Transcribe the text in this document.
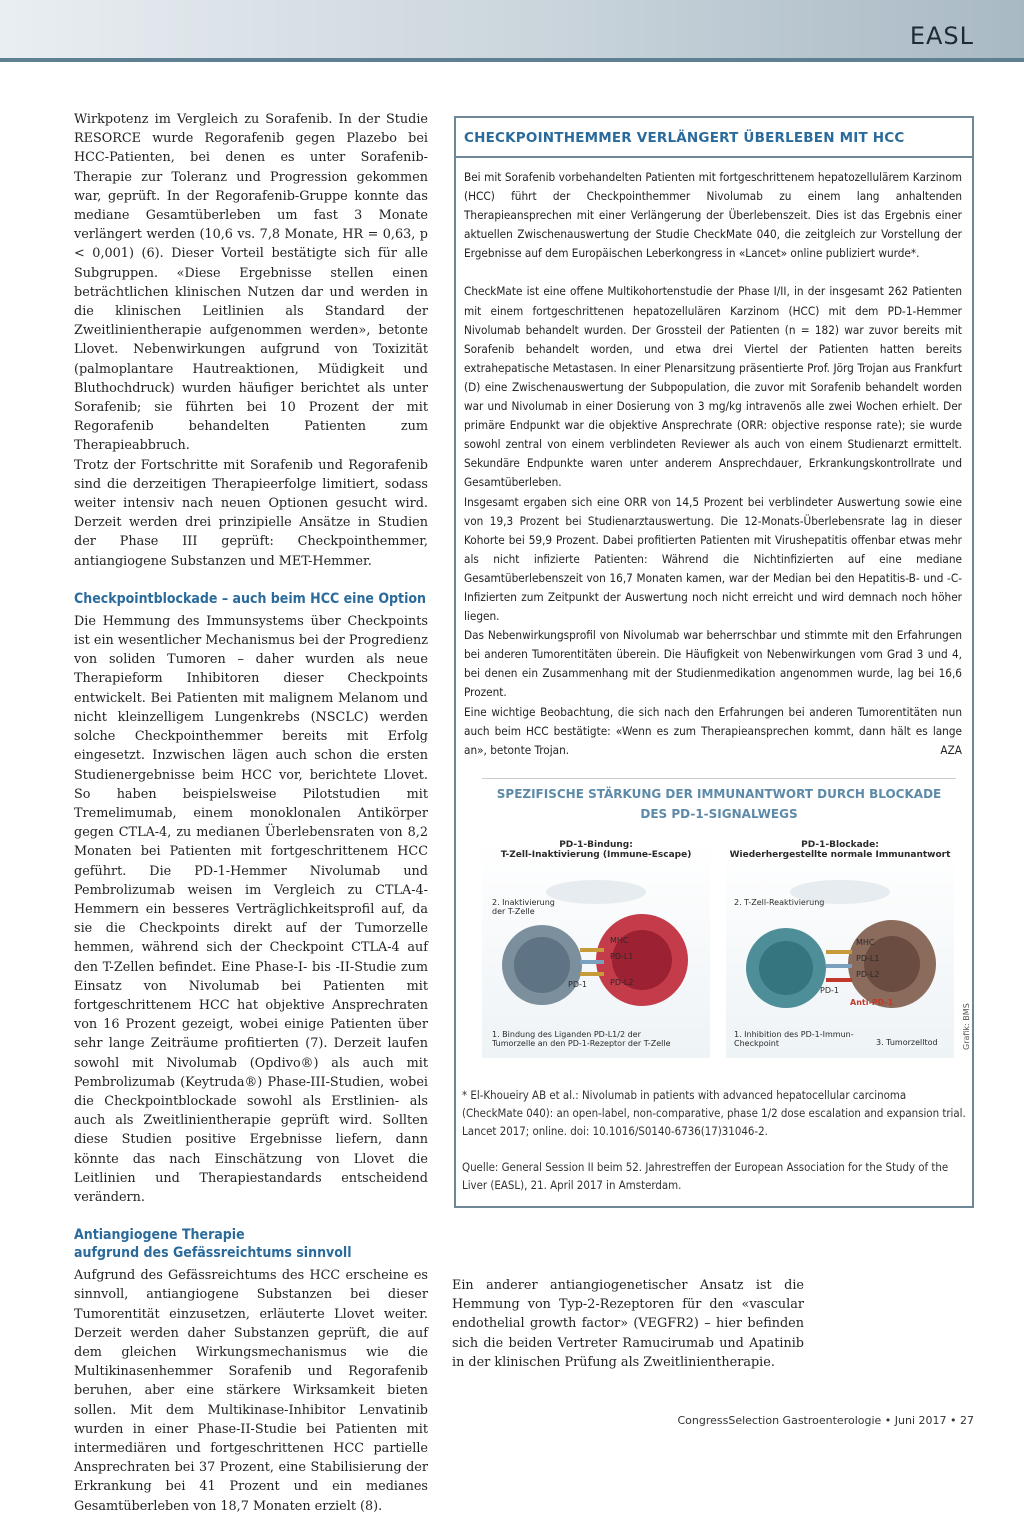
EASL

Wirkpotenz im Vergleich zu Sorafenib. In der Studie RESORCE wurde Regorafenib gegen Plazebo bei HCC-Patienten, bei denen es unter Sorafenib-Therapie zur Toleranz und Progression gekommen war, geprüft. In der Regorafenib-Gruppe konnte das mediane Gesamtüberleben um fast 3 Monate verlängert werden (10,6 vs. 7,8 Monate, HR = 0,63, p < 0,001) (6). Dieser Vorteil bestätigte sich für alle Subgruppen. «Diese Ergebnisse stellen einen beträchtlichen klinischen Nutzen dar und werden in die klinischen Leitlinien als Standard der Zweitlinientherapie aufgenommen werden», betonte Llovet. Nebenwirkungen aufgrund von Toxizität (palmoplantare Hautreaktionen, Müdigkeit und Bluthochdruck) wurden häufiger berichtet als unter Sorafenib; sie führten bei 10 Prozent der mit Regorafenib behandelten Patienten zum Therapieabbruch.

Trotz der Fortschritte mit Sorafenib und Regorafenib sind die derzeitigen Therapieerfolge limitiert, sodass weiter intensiv nach neuen Optionen gesucht wird. Derzeit werden drei prinzipielle Ansätze in Studien der Phase III geprüft: Checkpointhemmer, antiangiogene Substanzen und MET-Hemmer.

Checkpointblockade – auch beim HCC eine Option

Die Hemmung des Immunsystems über Checkpoints ist ein wesentlicher Mechanismus bei der Progredienz von soliden Tumoren – daher wurden als neue Therapieform Inhibitoren dieser Checkpoints entwickelt. Bei Patienten mit malignem Melanom und nicht kleinzelligem Lungenkrebs (NSCLC) werden solche Checkpointhemmer bereits mit Erfolg eingesetzt. Inzwischen lägen auch schon die ersten Studienergebnisse beim HCC vor, berichtete Llovet. So haben beispielsweise Pilotstudien mit Tremelimumab, einem monoklonalen Antikörper gegen CTLA-4, zu medianen Überlebensraten von 8,2 Monaten bei Patienten mit fortgeschrittenem HCC geführt. Die PD-1-Hemmer Nivolumab und Pembrolizumab weisen im Vergleich zu CTLA-4-Hemmern ein besseres Verträglichkeitsprofil auf, da sie die Checkpoints direkt auf der Tumorzelle hemmen, während sich der Checkpoint CTLA-4 auf den T-Zellen befindet. Eine Phase-I- bis -II-Studie zum Einsatz von Nivolumab bei Patienten mit fortgeschrittenem HCC hat objektive Ansprechraten von 16 Prozent gezeigt, wobei einige Patienten über sehr lange Zeiträume profitierten (7). Derzeit laufen sowohl mit Nivolumab (Opdivo®) als auch mit Pembrolizumab (Keytruda®) Phase-III-Studien, wobei die Checkpointblockade sowohl als Erstlinien- als auch als Zweitlinientherapie geprüft wird. Sollten diese Studien positive Ergebnisse liefern, dann könnte das nach Einschätzung von Llovet die Leitlinien und Therapiestandards entscheidend verändern.

Antiangiogene Therapie
aufgrund des Gefässreichtums sinnvoll

Aufgrund des Gefässreichtums des HCC erscheine es sinnvoll, antiangiogene Substanzen bei dieser Tumorentität einzusetzen, erläuterte Llovet weiter. Derzeit werden daher Substanzen geprüft, die auf dem gleichen Wirkungsmechanismus wie die Multikinasenhemmer Sorafenib und Regorafenib beruhen, aber eine stärkere Wirksamkeit bieten sollen. Mit dem Multikinase-Inhibitor Lenvatinib wurden in einer Phase-II-Studie bei Patienten mit intermediären und fortgeschrittenen HCC partielle Ansprechraten bei 37 Prozent, eine Stabilisierung der Erkrankung bei 41 Prozent und ein medianes Gesamtüberleben von 18,7 Monaten erzielt (8).

CHECKPOINTHEMMER VERLÄNGERT ÜBERLEBEN MIT HCC

Bei mit Sorafenib vorbehandelten Patienten mit fortgeschrittenem hepatozellulärem Karzinom (HCC) führt der Checkpointhemmer Nivolumab zu einem lang anhaltenden Therapieansprechen mit einer Verlängerung der Überlebenszeit. Dies ist das Ergebnis einer aktuellen Zwischenauswertung der Studie CheckMate 040, die zeitgleich zur Vorstellung der Ergebnisse auf dem Europäischen Leberkongress in «Lancet» online publiziert wurde*.

CheckMate ist eine offene Multikohortenstudie der Phase I/II, in der insgesamt 262 Patienten mit einem fortgeschrittenen hepatozellulären Karzinom (HCC) mit dem PD-1-Hemmer Nivolumab behandelt wurden. Der Grossteil der Patienten (n = 182) war zuvor bereits mit Sorafenib behandelt worden, und etwa drei Viertel der Patienten hatten bereits extrahepatische Metastasen. In einer Plenarsitzung präsentierte Prof. Jörg Trojan aus Frankfurt (D) eine Zwischenauswertung der Subpopulation, die zuvor mit Sorafenib behandelt worden war und Nivolumab in einer Dosierung von 3 mg/kg intravenös alle zwei Wochen erhielt. Der primäre Endpunkt war die objektive Ansprechrate (ORR: objective response rate); sie wurde sowohl zentral von einem verblindeten Reviewer als auch von einem Studienarzt ermittelt. Sekundäre Endpunkte waren unter anderem Ansprechdauer, Erkrankungskontrollrate und Gesamtüberleben.

Insgesamt ergaben sich eine ORR von 14,5 Prozent bei verblindeter Auswertung sowie eine von 19,3 Prozent bei Studienarztauswertung. Die 12-Monats-Überlebensrate lag in dieser Kohorte bei 59,9 Prozent. Dabei profitierten Patienten mit Virushepatitis offenbar etwas mehr als nicht infizierte Patienten: Während die Nichtinfizierten auf eine mediane Gesamtüberlebenszeit von 16,7 Monaten kamen, war der Median bei den Hepatitis-B- und -C-Infizierten zum Zeitpunkt der Auswertung noch nicht erreicht und wird demnach noch höher liegen.

Das Nebenwirkungsprofil von Nivolumab war beherrschbar und stimmte mit den Erfahrungen bei anderen Tumorentitäten überein. Die Häufigkeit von Nebenwirkungen vom Grad 3 und 4, bei denen ein Zusammenhang mit der Studienmedikation angenommen wurde, lag bei 16,6 Prozent.

Eine wichtige Beobachtung, die sich nach den Erfahrungen bei anderen Tumorentitäten nun auch beim HCC bestätigte: «Wenn es zum Therapieansprechen kommt, dann hält es lange an», betonte Trojan.	AZA

SPEZIFISCHE STÄRKUNG DER IMMUNANTWORT DURCH BLOCKADE
DES PD-1-SIGNALWEGS
PD-1-Bindung:
T-Zell-Inaktivierung (Immune-Escape)
2. Inaktivierung der T-Zelle
MHC
PD-L1
PD-L2
PD-1
1. Bindung des Liganden PD-L1/2 der Tumorzelle an den PD-1-Rezeptor der T-Zelle
PD-1-Blockade:
Wiederhergestellte normale Immunantwort
2. T-Zell-Reaktivierung
MHC
PD-L1
PD-L2
PD-1
Anti-PD-1
1. Inhibition des PD-1-Immun-Checkpoint	3. Tumorzelltod	Grafik: BMS

* El-Khoueiry AB et al.: Nivolumab in patients with advanced hepatocellular carcinoma (CheckMate 040): an open-label, non-comparative, phase 1/2 dose escalation and expansion trial. Lancet 2017; online. doi: 10.1016/S0140-6736(17)31046-2.

Quelle: General Session II beim 52. Jahrestreffen der European Association for the Study of the Liver (EASL), 21. April 2017 in Amsterdam.

Ein anderer antiangiogenetischer Ansatz ist die Hemmung von Typ-2-Rezeptoren für den «vascular endothelial growth factor» (VEGFR2) – hier befinden sich die beiden Vertreter Ramucirumab und Apatinib in der klinischen Prüfung als Zweitlinientherapie.

CongressSelection Gastroenterologie • Juni 2017 • 27
